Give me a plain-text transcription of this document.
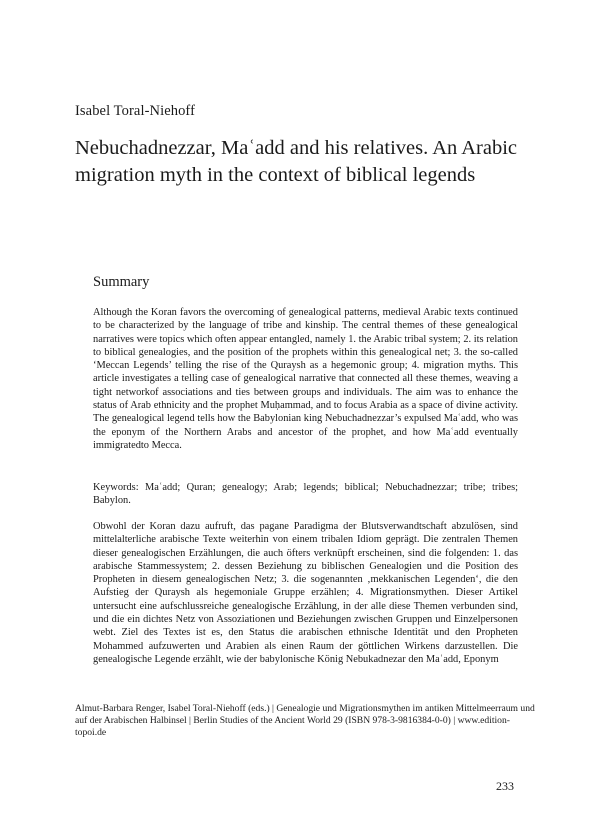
Isabel Toral-Niehoff
Nebuchadnezzar, Maʿadd and his relatives. An Arabic migration myth in the context of biblical legends
Summary

Although the Koran favors the overcoming of genealogical patterns, medieval Arabic texts continued to be characterized by the language of tribe and kinship. The central themes of these genealogical narratives were topics which often appear entangled, namely 1. the Arabic tribal system; 2. its relation to biblical genealogies, and the position of the prophets within this genealogical net; 3. the so-called ‘Meccan Legends’ telling the rise of the Quraysh as a hegemonic group; 4. migration myths. This article investigates a telling case of genealogical narrative that connected all these themes, weaving a tight networkof associations and ties between groups and individuals. The aim was to enhance the status of Arab ethnicity and the prophet Muḥammad, and to focus Arabia as a space of divine activity. The genealogical legend tells how the Babylonian king Nebuchadnezzar’s expulsed Maʿadd, who was the eponym of the Northern Arabs and ancestor of the prophet, and how Maʿadd eventually immigratedto Mecca.

Keywords: Maʿadd; Quran; genealogy; Arab; legends; biblical; Nebuchadnezzar; tribe; tribes; Babylon.

Obwohl der Koran dazu aufruft, das pagane Paradigma der Blutsverwandtschaft abzulösen, sind mittelalterliche arabische Texte weiterhin von einem tribalen Idiom geprägt. Die zentralen Themen dieser genealogischen Erzählungen, die auch öfters verknüpft erscheinen, sind die folgenden: 1. das arabische Stammessystem; 2. dessen Beziehung zu biblischen Genealogien und die Position des Propheten in diesem genealogischen Netz; 3. die sogenannten ‚mekkanischen Legenden‘, die den Aufstieg der Quraysh als hegemoniale Gruppe erzählen; 4. Migrationsmythen. Dieser Artikel untersucht eine aufschlussreiche genealogische Erzählung, in der alle diese Themen verbunden sind, und die ein dichtes Netz von Assoziationen und Beziehungen zwischen Gruppen und Einzelpersonen webt. Ziel des Textes ist es, den Status die arabischen ethnische Identität und den Propheten Mohammed aufzuwerten und Arabien als einen Raum der göttlichen Wirkens darzustellen. Die genealogische Legende erzählt, wie der babylonische König Nebukadnezar den Maʿadd, Eponym

Almut-Barbara Renger, Isabel Toral-Niehoff (eds.) | Genealogie und Migrationsmythen im antiken Mittelmeerraum und auf der Arabischen Halbinsel | Berlin Studies of the Ancient World 29 (ISBN 978-3-9816384-0-0) | www.edition-topoi.de
233
